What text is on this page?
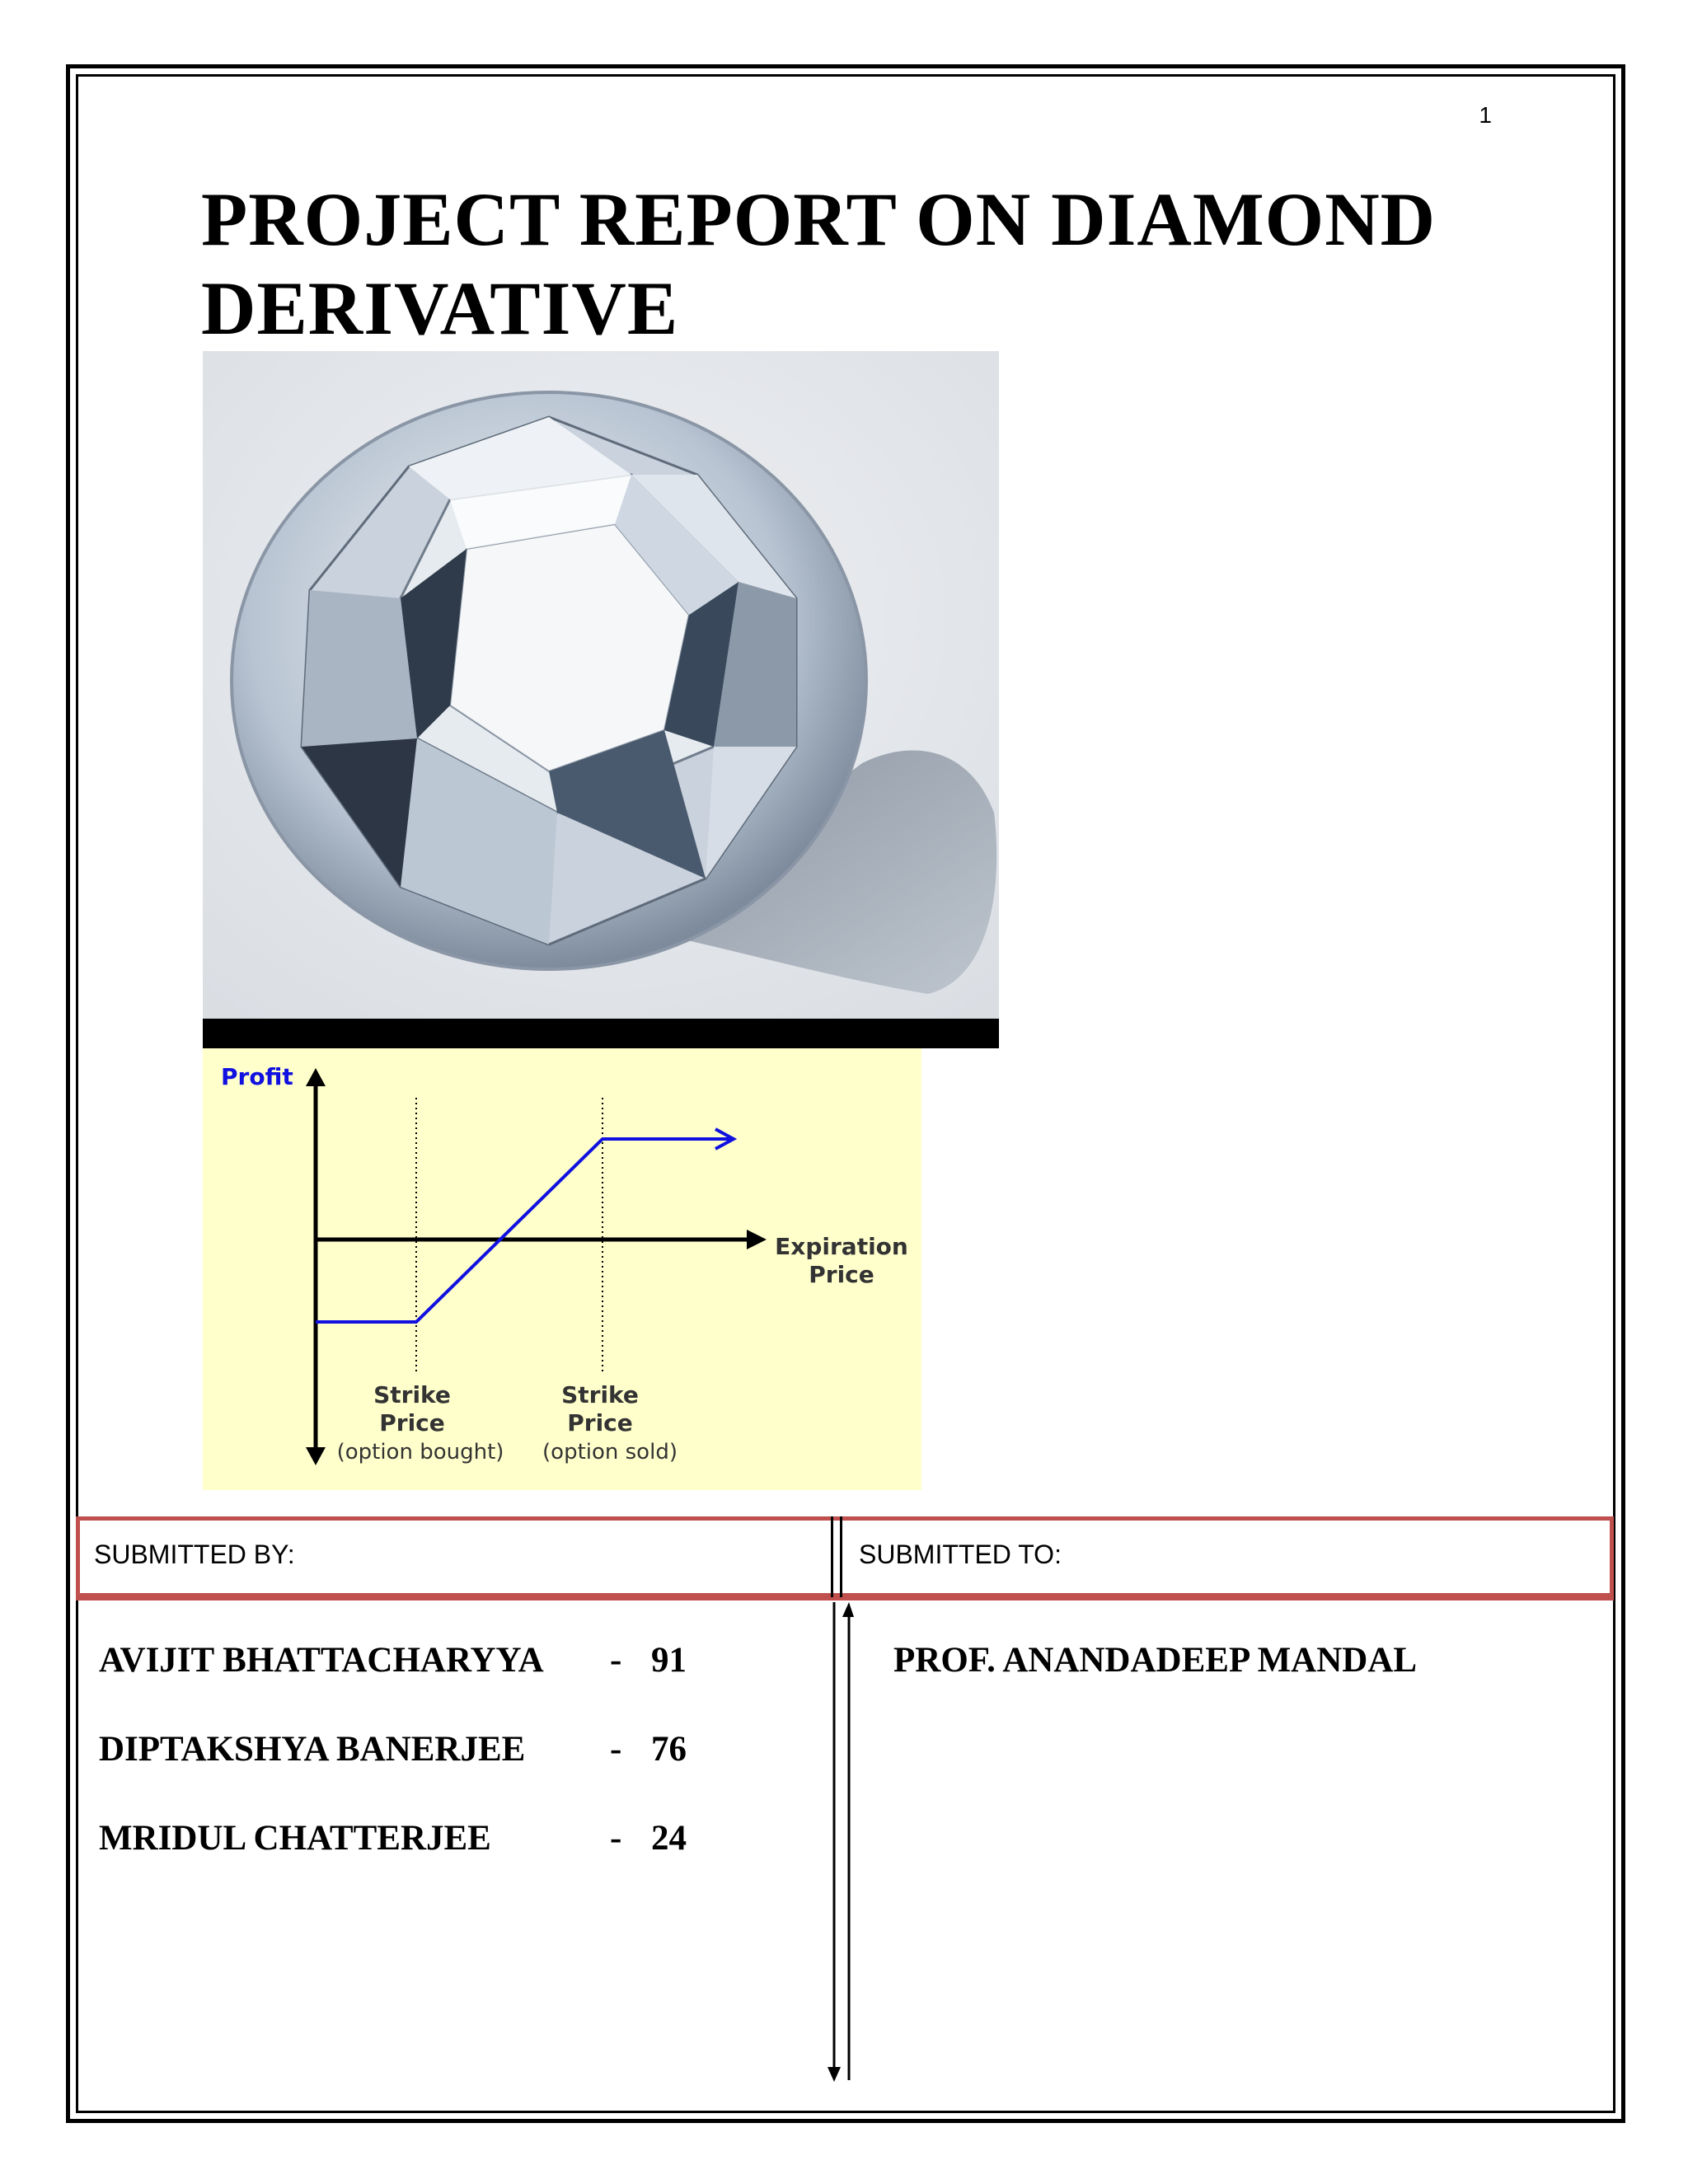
1
PROJECT REPORT ON DIAMOND
DERIVATIVE
Profit
Expiration
Price
Strike
Price
(option bought)
Strike
Price
(option sold)
SUBMITTED BY:	SUBMITTED TO:
AVIJIT BHATTACHARYYA - 91
DIPTAKSHYA BANERJEE - 76
MRIDUL CHATTERJEE	- 24
PROF. ANANDADEEP MANDAL
